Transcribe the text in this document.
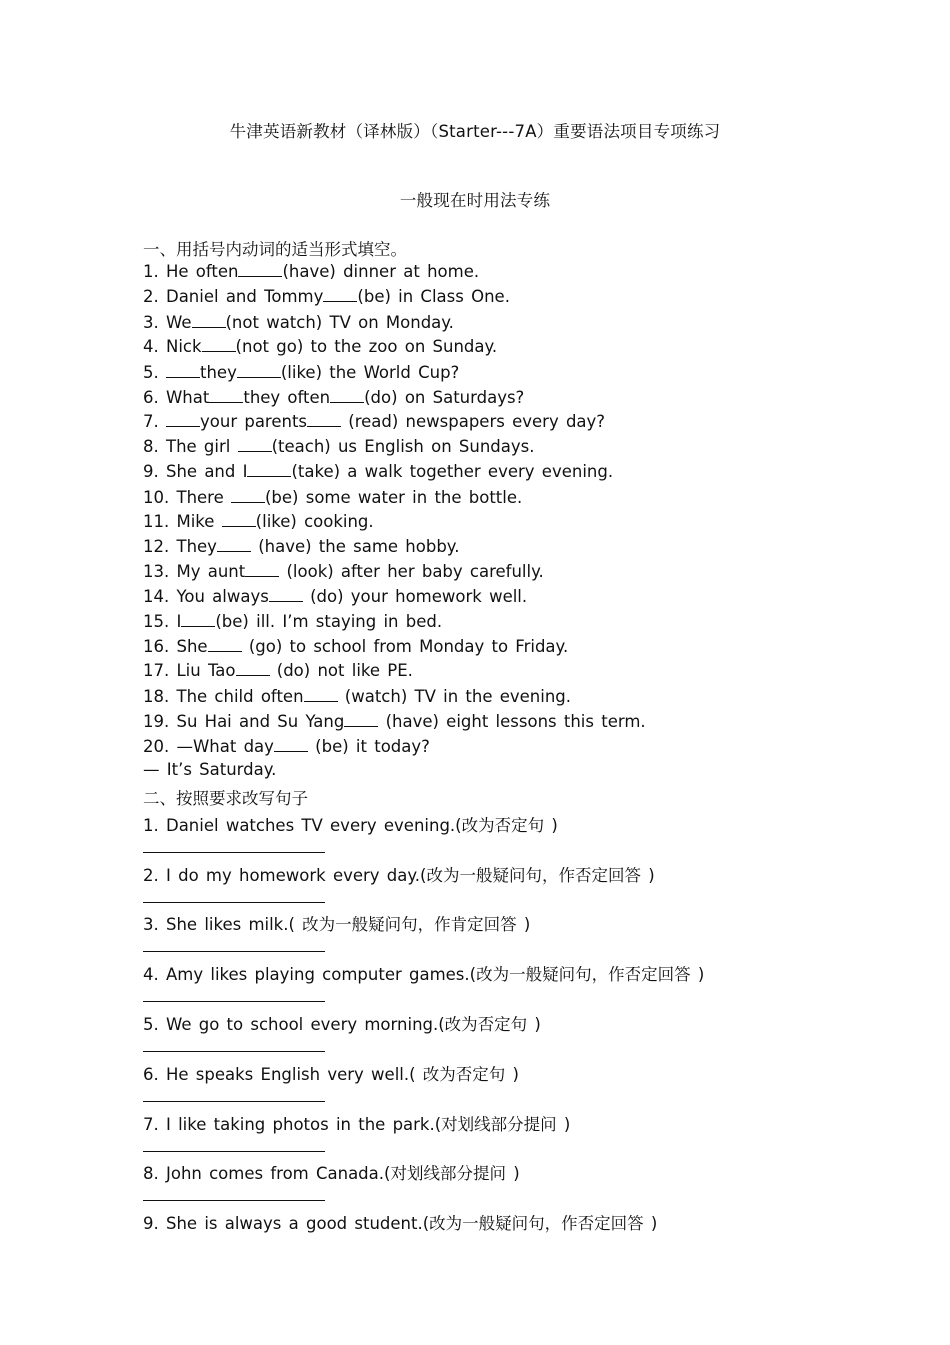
牛津英语新教材（译林版）（Starter---7A）重要语法项目专项练习
一般现在时用法专练
一、用括号内动词的适当形式填空。
1. He often	(have) dinner at home.
2. Daniel and Tommy (be) in Class One.
3. We (not watch) TV on Monday.
4. Nick (not go) to the zoo on Sunday.
5. they	(like) the World Cup?
6. What they often (do) on Saturdays?
7. your parents (read) newspapers every day?
8. The girl (teach) us English on Sundays.
9. She and I	(take) a walk together every evening.
10. There (be) some water in the bottle.
11. Mike (like) cooking.
12. They (have) the same hobby.
13. My aunt (look) after her baby carefully.
14. You always (do) your homework well.
15. I (be) ill. I’m staying in bed.
16. She (go) to school from Monday to Friday.
17. Liu Tao (do) not like PE.
18. The child often (watch) TV in the evening.
19. Su Hai and Su Yang (have) eight lessons this term.
20. —What day (be) it today?
— It’s Saturday.
二、按照要求改写句子
1. Daniel watches TV every evening.(改为否定句 )
2. I do my homework every day.(改为一般疑问句，作否定回答 )
3. She likes milk.( 改为一般疑问句，作肯定回答 )
4. Amy likes playing computer games.(改为一般疑问句，作否定回答 )
5. We go to school every morning.(改为否定句 )
6. He speaks English very well.( 改为否定句 )
7. I like taking photos in the park.(对划线部分提问 )
8. John comes from Canada.(对划线部分提问 )
9. She is always a good student.(改为一般疑问句，作否定回答 )
